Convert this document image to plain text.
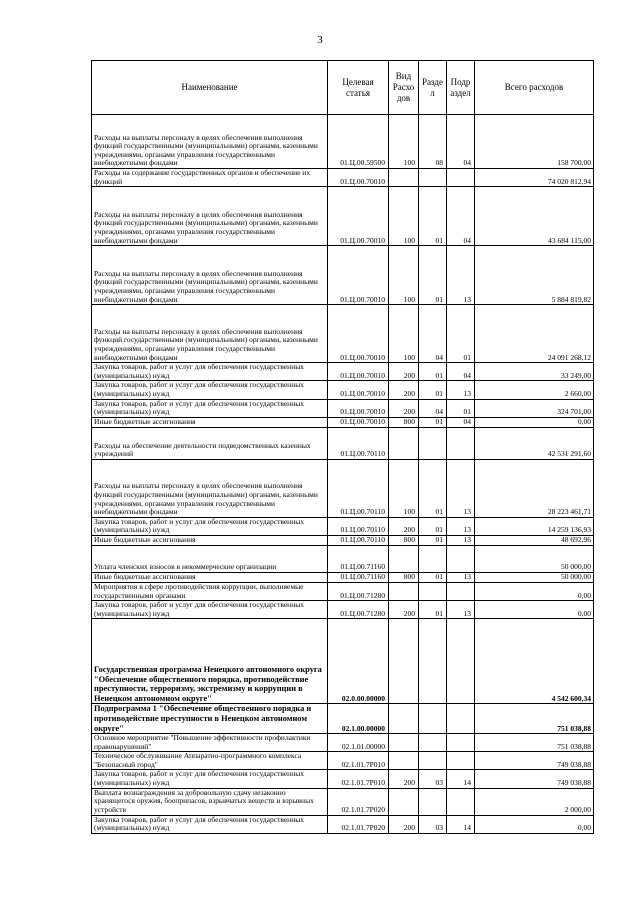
3
Наименование	Целевая статья	Вид Расхо дов	Разде л	Подр аздел	Всего расходов
Расходы на выплаты персоналу в целях обеспечения выполнения функций государственными (муниципальными) органами, казенными учреждениями, органами управления государственными внебюджетными фондами	01.Ц.00.59500	100	08	04	158 700,00
Расходы на содержание государственных органов и обеспечение их функций	01.Ц.00.70010				74 020 812,94
Расходы на выплаты персоналу в целях обеспечения выполнения функций государственными (муниципальными) органами, казенными учреждениями, органами управления государственными внебюджетными фондами	01.Ц.00.70010	100	01	04	43 684 115,00
Расходы на выплаты персоналу в целях обеспечения выполнения функций государственными (муниципальными) органами, казенными учреждениями, органами управления государственными внебюджетными фондами	01.Ц.00.70010	100	01	13	5 884 819,82
Расходы на выплаты персоналу в целях обеспечения выполнения функций государственными (муниципальными) органами, казенными учреждениями, органами управления государственными внебюджетными фондами	01.Ц.00.70010	100	04	01	24 091 268,12
Закупка товаров, работ и услуг для обеспечения государственных (муниципальных) нужд	01.Ц.00.70010	200	01	04	33 249,00
Закупка товаров, работ и услуг для обеспечения государственных (муниципальных) нужд	01.Ц.00.70010	200	01	13	2 660,00
Закупка товаров, работ и услуг для обеспечения государственных (муниципальных) нужд	01.Ц.00.70010	200	04	01	324 701,00
Иные бюджетные ассигнования	01.Ц.00.70010	800	01	04	0,00
Расходы на обеспечение деятельности подведомственных казенных учреждений	01.Ц.00.70110				42 531 291,60
Расходы на выплаты персоналу в целях обеспечения выполнения функций государственными (муниципальными) органами, казенными учреждениями, органами управления государственными внебюджетными фондами	01.Ц.00.70110	100	01	13	28 223 461,71
Закупка товаров, работ и услуг для обеспечения государственных (муниципальных) нужд	01.Ц.00.70110	200	01	13	14 259 136,93
Иные бюджетные ассигнования	01.Ц.00.70110	800	01	13	48 692,96
Уплата членских взносов в некоммерческие организации	01.Ц.00.71160				50 000,00
Иные бюджетные ассигнования	01.Ц.00.71160	800	01	13	50 000,00
Мероприятия в сфере противодействия коррупции, выполняемые государственными органами	01.Ц.00.71280				0,00
Закупка товаров, работ и услуг для обеспечения государственных (муниципальных) нужд	01.Ц.00.71280	200	01	13	0,00
Государственная программа Ненецкого автономного округа "Обеспечение общественного порядка, противодействие преступности, терроризму, экстремизму и коррупции в Ненецком автономном округе"	02.0.00.00000				4 542 600,34
Подпрограмма 1 "Обеспечение общественного порядка и противодействие преступности в Ненецком автономном округе"	02.1.00.00000				751 038,88
Основное мероприятие "Повышение эффективности профилактики правонарушений"	02.1.01.00000				751 038,88
Техническое обслуживание Аппаратно-программного комплекса "Безопасный город"	02.1.01.7Р010				749 038,88
Закупка товаров, работ и услуг для обеспечения государственных (муниципальных) нужд	02.1.01.7Р010	200	03	14	749 038,88
Выплата вознаграждения за добровольную сдачу незаконно хранящегося оружия, боеприпасов, взрывчатых веществ и взрывных устройств	02.1.01.7Р020				2 000,00
Закупка товаров, работ и услуг для обеспечения государственных (муниципальных) нужд	02.1.01.7Р020	200	03	14	0,00
